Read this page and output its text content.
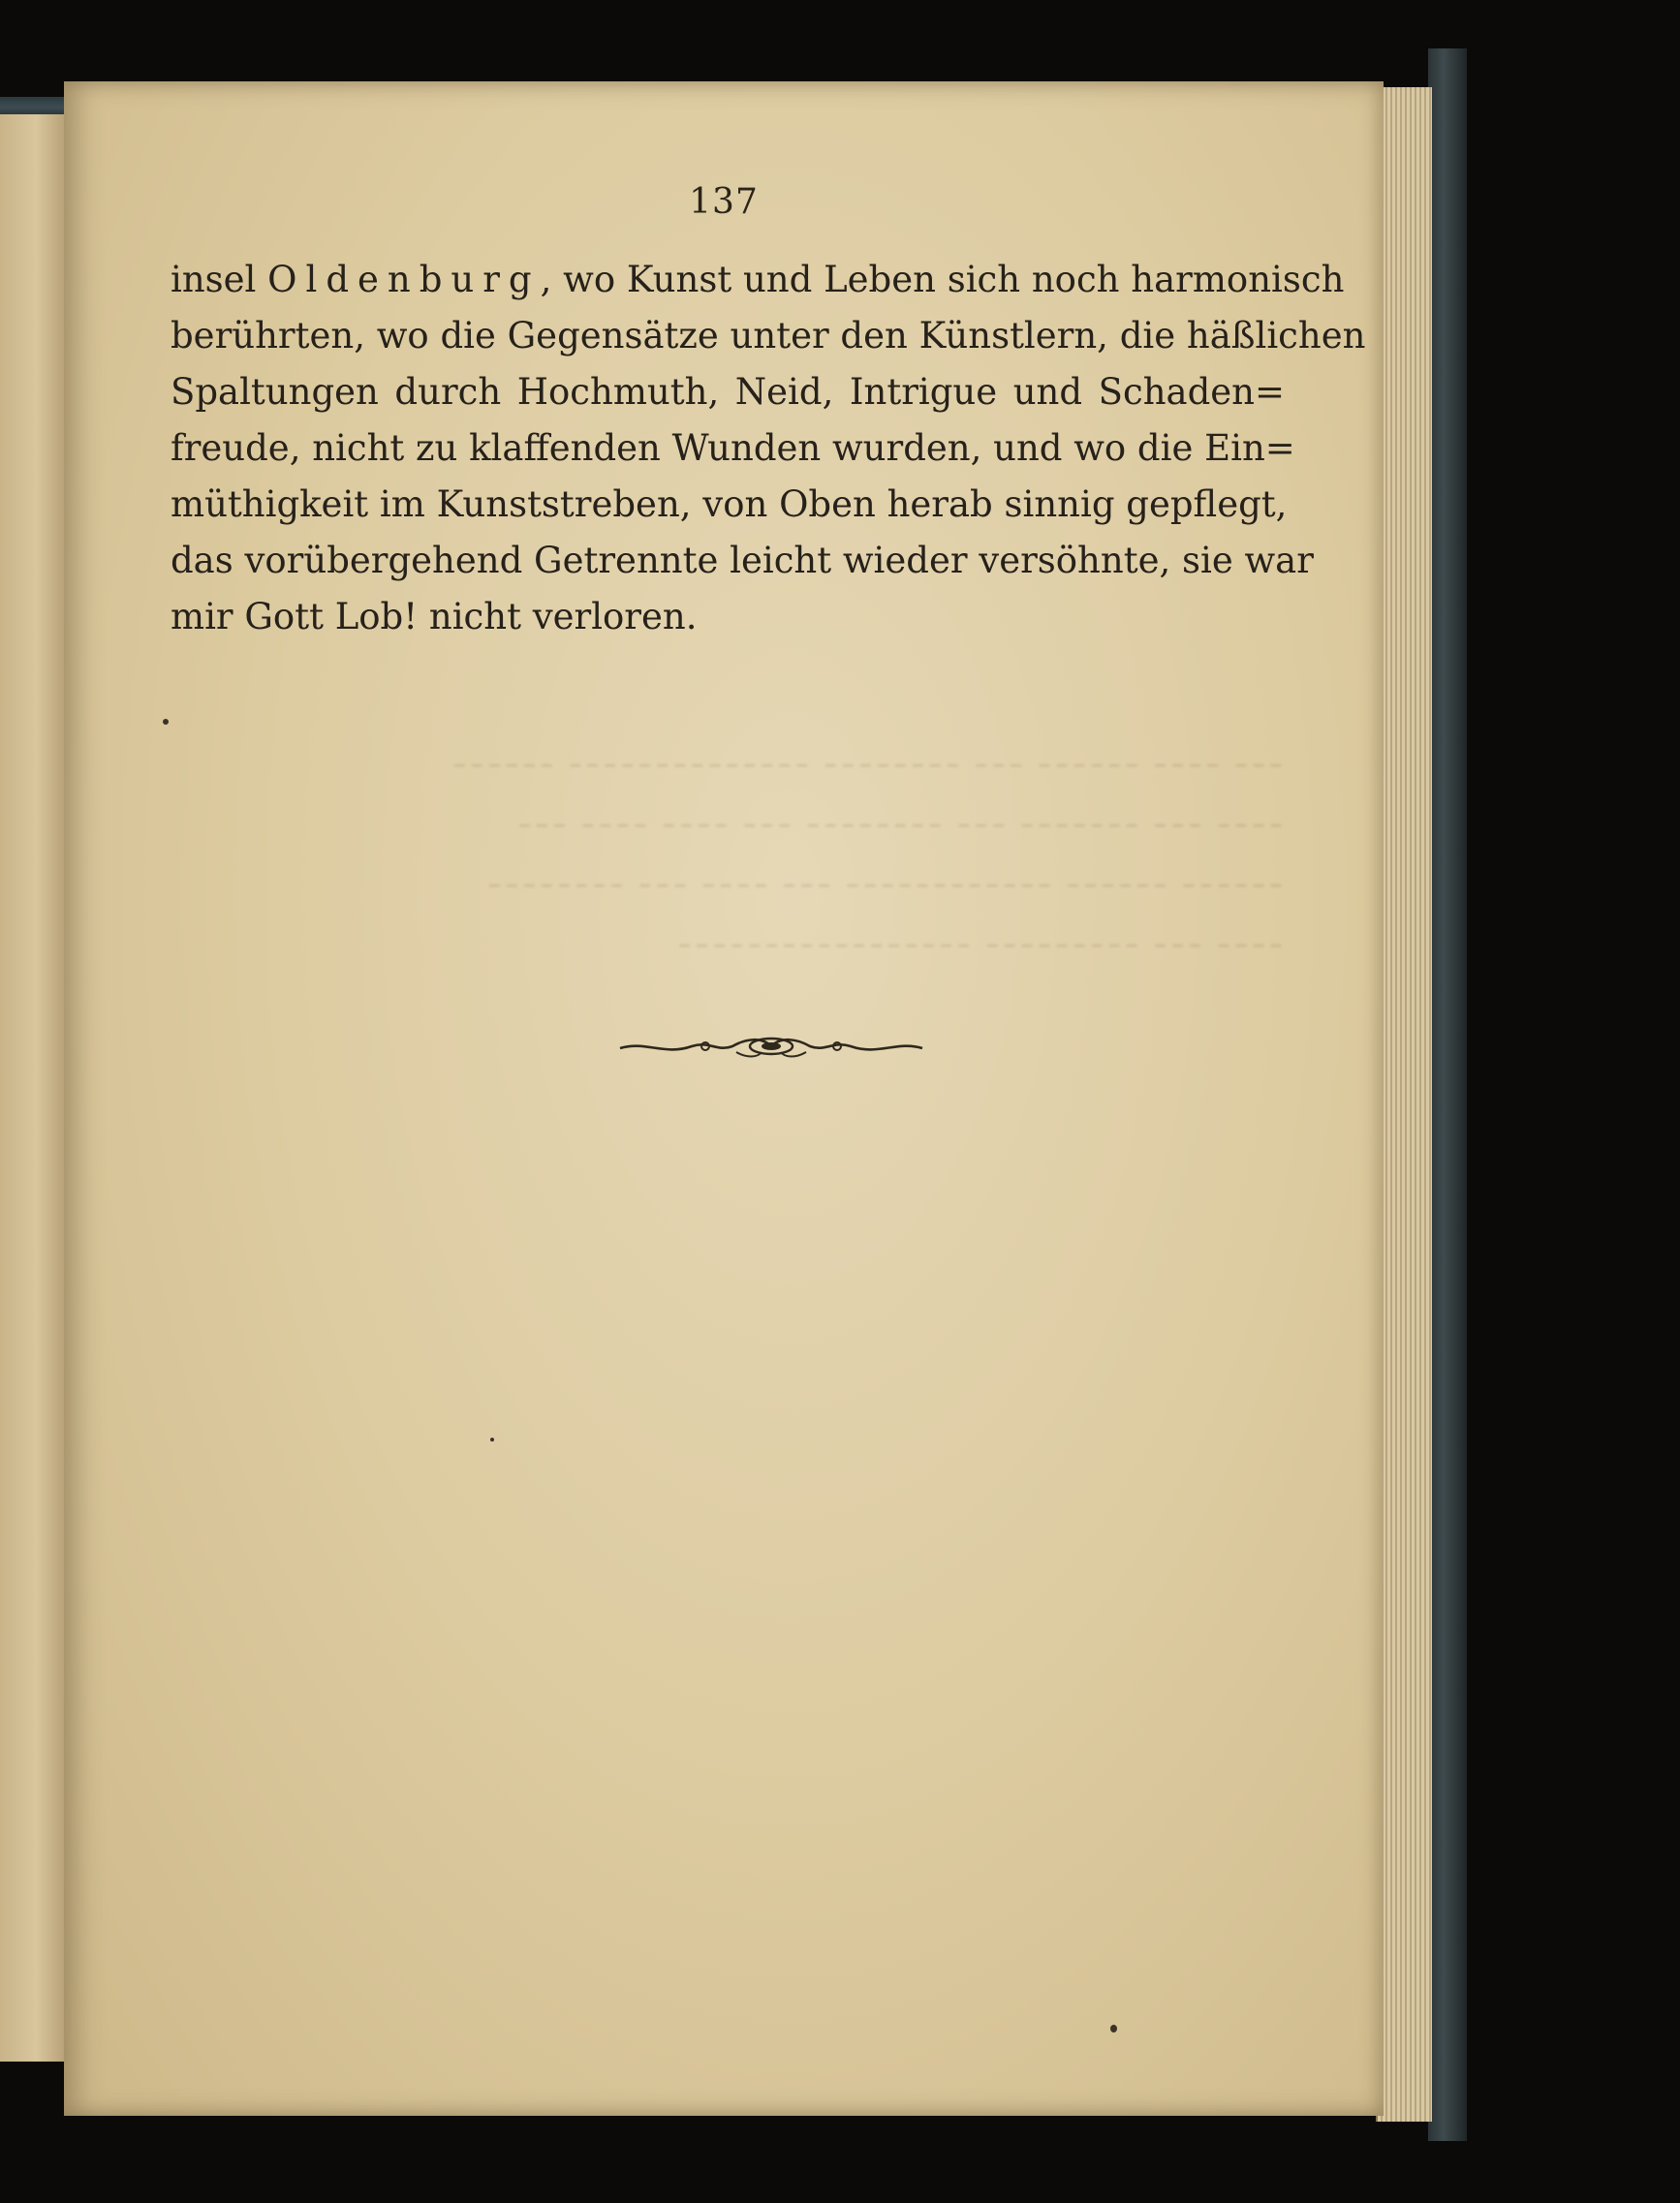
137
insel Oldenburg, wo Kunst und Leben sich noch harmonisch
berührten, wo die Gegensätze unter den Künstlern, die häßlichen
Spaltungen durch Hochmuth, Neid, Intrigue und Schaden=
freude, nicht zu klaffenden Wunden wurden, und wo die Ein=
müthigkeit im Kunststreben, von Oben herab sinnig gepflegt,
das vorübergehend Getrennte leicht wieder versöhnte, sie war
mir Gott Lob! nicht verloren.

ˍˍˍ ˍˍˍˍ ˍˍˍˍˍˍ ˍˍˍ ˍˍˍˍˍˍˍˍ ˍˍˍˍˍˍˍˍˍˍˍˍˍˍ ˍˍˍˍˍˍ

ˍˍˍˍ ˍˍˍ ˍˍˍˍˍˍˍ ˍˍˍ ˍˍˍˍˍˍˍˍ ˍˍˍ ˍˍˍˍ ˍˍˍˍ ˍˍˍ

ˍˍˍˍˍˍ ˍˍˍˍˍˍ ˍˍˍˍˍˍˍˍˍˍˍˍ ˍˍˍ ˍˍˍˍ ˍˍˍ ˍˍˍˍˍˍˍˍ

ˍˍˍˍ ˍˍˍ ˍˍˍˍˍˍˍˍˍ ˍˍˍˍˍˍˍˍˍˍˍˍˍˍˍˍˍ
